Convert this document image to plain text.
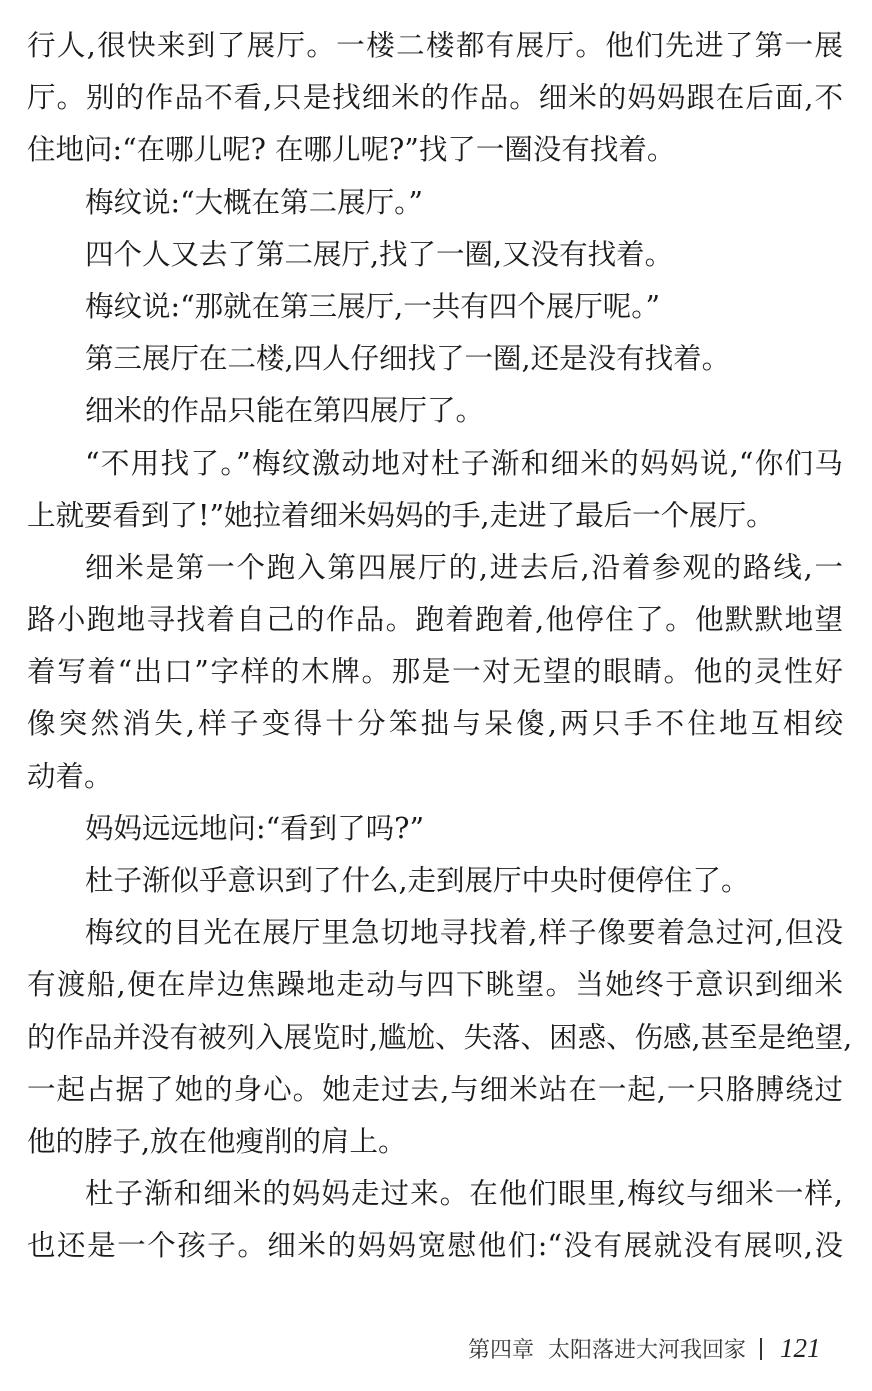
行人,很快来到了展厅。一楼二楼都有展厅。他们先进了第一展
厅。别的作品不看,只是找细米的作品。细米的妈妈跟在后面,不
住地问:“在哪儿呢? 在哪儿呢?”找了一圈没有找着。
梅纹说:“大概在第二展厅。”
四个人又去了第二展厅,找了一圈,又没有找着。
梅纹说:“那就在第三展厅,一共有四个展厅呢。”
第三展厅在二楼,四人仔细找了一圈,还是没有找着。
细米的作品只能在第四展厅了。
“不用找了。”梅纹激动地对杜子渐和细米的妈妈说,“你们马
上就要看到了!”她拉着细米妈妈的手,走进了最后一个展厅。
细米是第一个跑入第四展厅的,进去后,沿着参观的路线,一
路小跑地寻找着自己的作品。跑着跑着,他停住了。他默默地望
着写着“出口”字样的木牌。那是一对无望的眼睛。他的灵性好
像突然消失,样子变得十分笨拙与呆傻,两只手不住地互相绞
动着。
妈妈远远地问:“看到了吗?”
杜子渐似乎意识到了什么,走到展厅中央时便停住了。
梅纹的目光在展厅里急切地寻找着,样子像要着急过河,但没
有渡船,便在岸边焦躁地走动与四下眺望。当她终于意识到细米
的作品并没有被列入展览时,尴尬、失落、困惑、伤感,甚至是绝望,
一起占据了她的身心。她走过去,与细米站在一起,一只胳膊绕过
他的脖子,放在他瘦削的肩上。
杜子渐和细米的妈妈走过来。在他们眼里,梅纹与细米一样,
也还是一个孩子。细米的妈妈宽慰他们:“没有展就没有展呗,没
第四章 太阳落进大河我回家 121
